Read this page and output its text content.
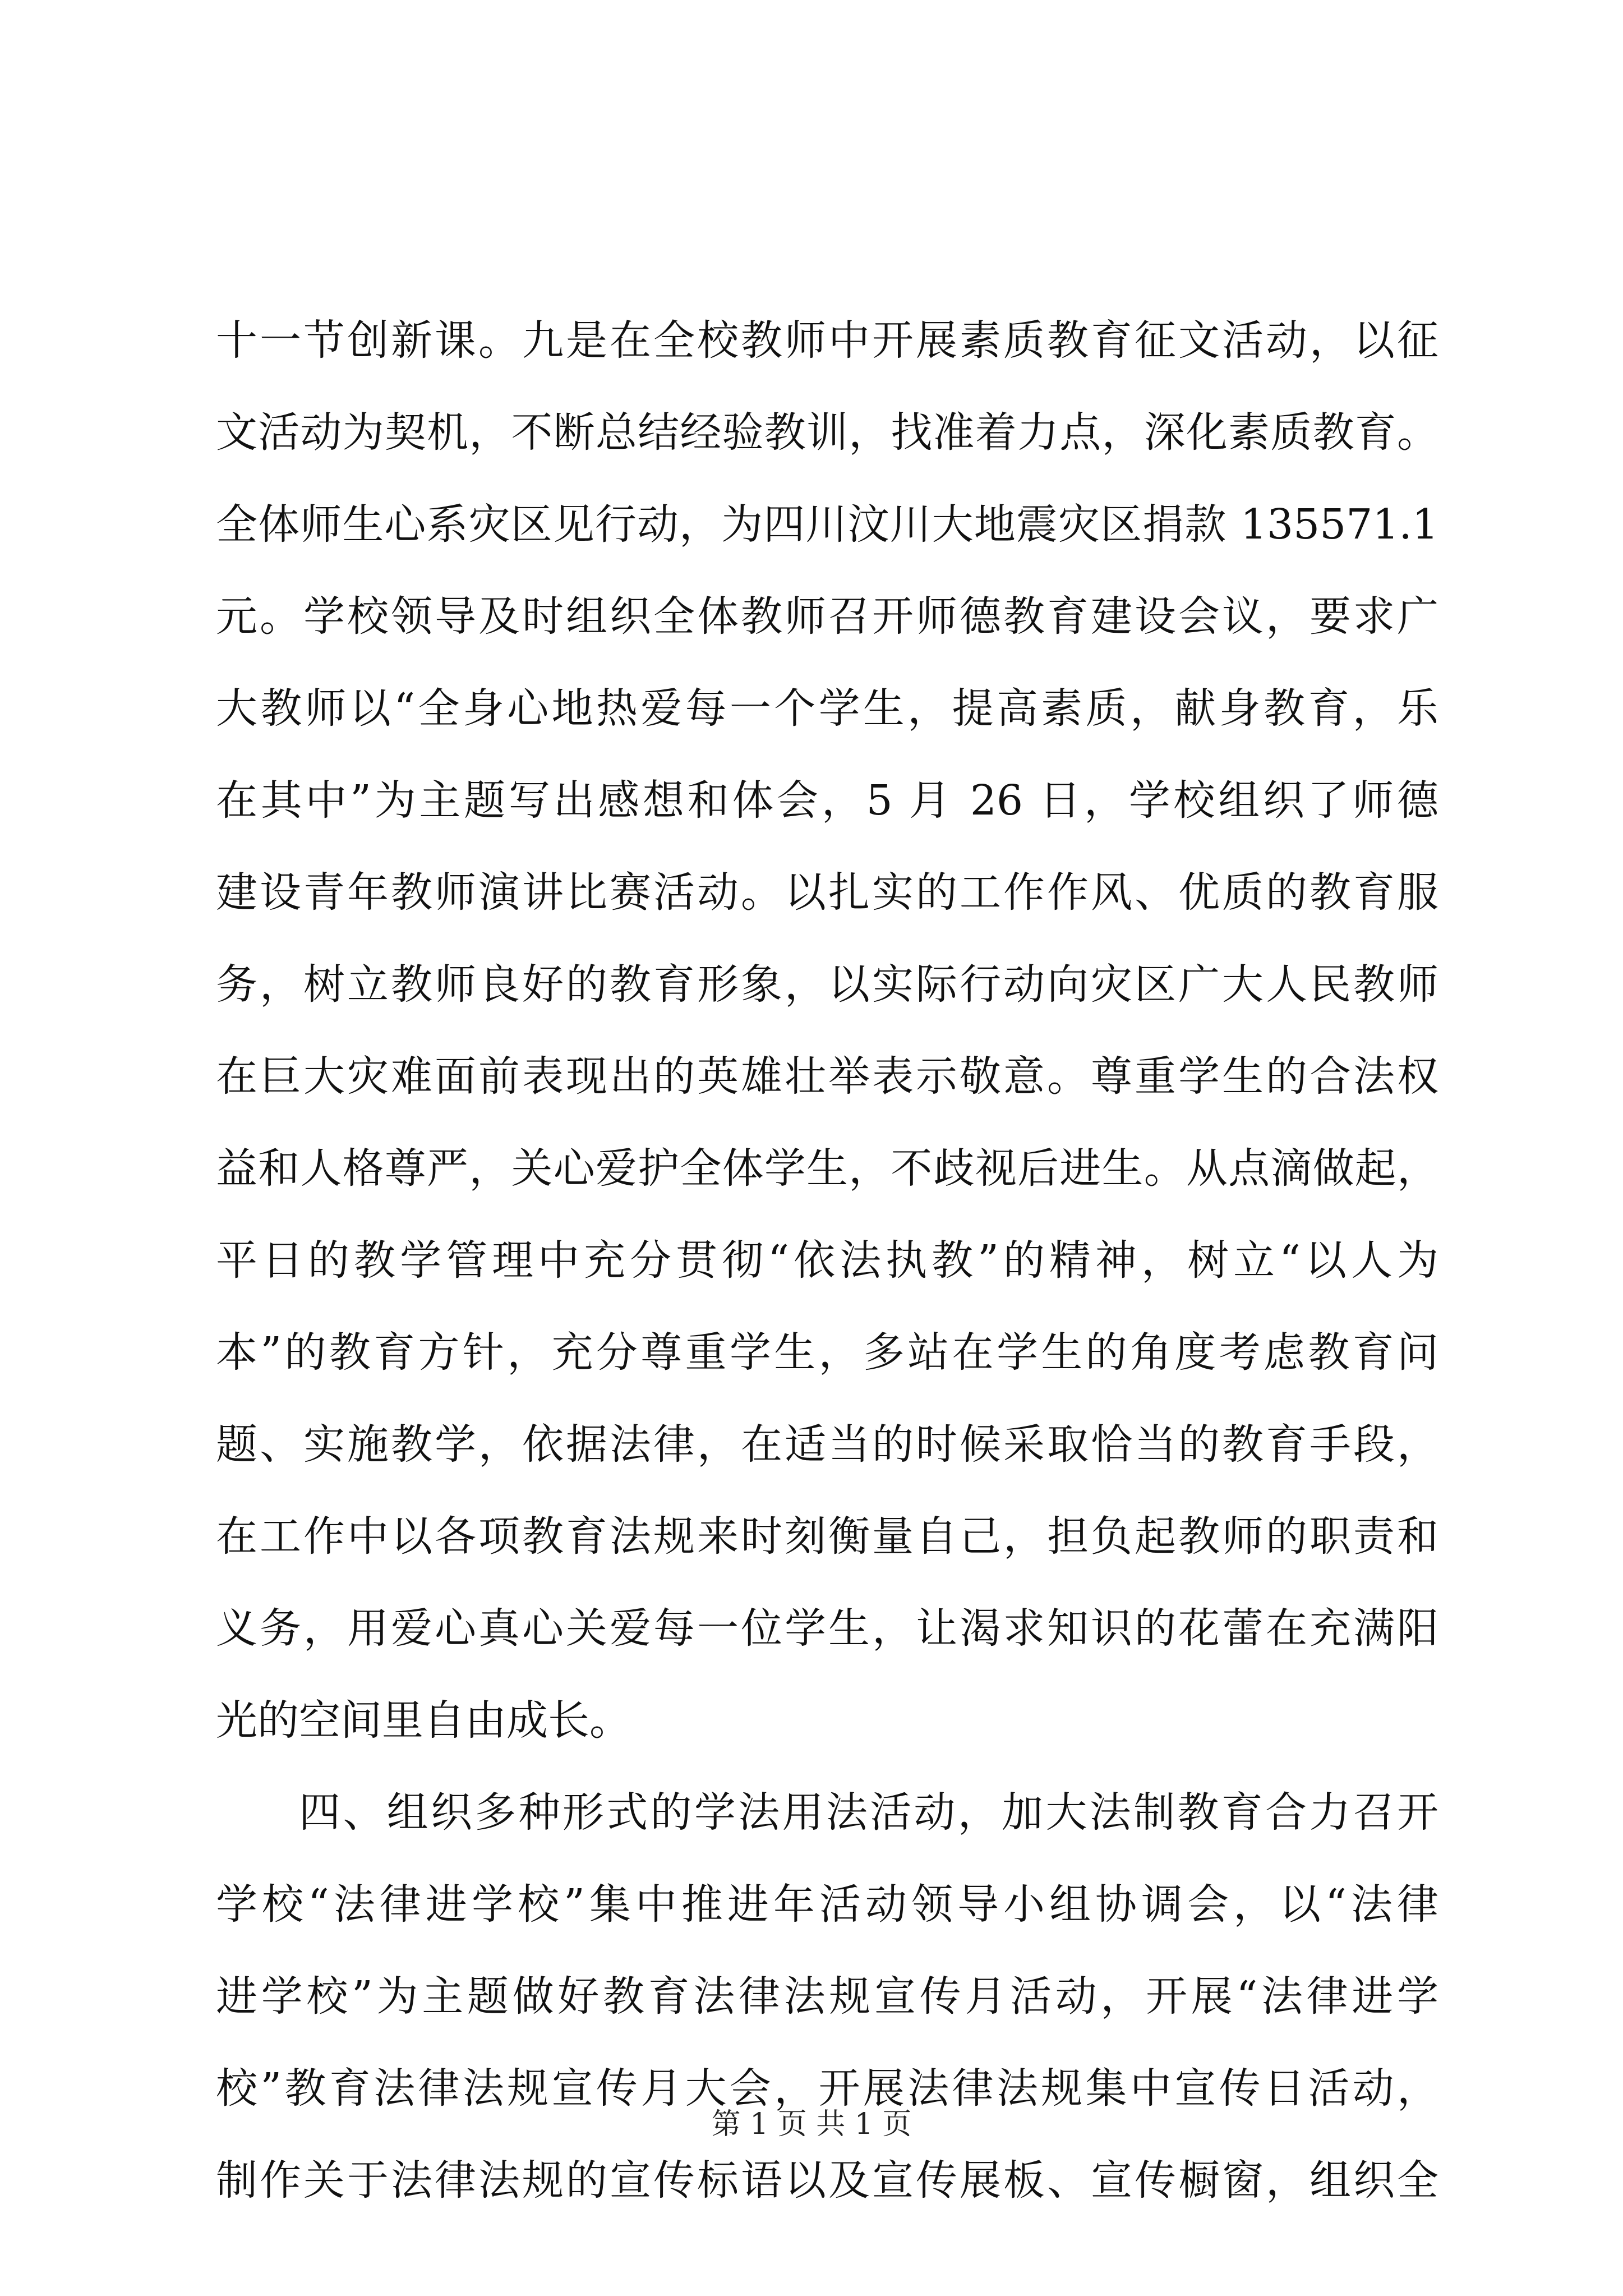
十一节创新课。九是在全校教师中开展素质教育征文活动，以征
文活动为契机，不断总结经验教训，找准着力点，深化素质教育。
全体师生心系灾区见行动，为四川汶川大地震灾区捐款 135571.1
元。学校领导及时组织全体教师召开师德教育建设会议，要求广
大教师以“全身心地热爱每一个学生，提高素质，献身教育，乐
在其中”为主题写出感想和体会，5 月 26 日，学校组织了师德
建设青年教师演讲比赛活动。以扎实的工作作风、优质的教育服
务，树立教师良好的教育形象，以实际行动向灾区广大人民教师
在巨大灾难面前表现出的英雄壮举表示敬意。尊重学生的合法权
益和人格尊严，关心爱护全体学生，不歧视后进生。从点滴做起，
平日的教学管理中充分贯彻“依法执教”的精神，树立“以人为
本”的教育方针，充分尊重学生，多站在学生的角度考虑教育问
题、实施教学，依据法律，在适当的时候采取恰当的教育手段，
在工作中以各项教育法规来时刻衡量自己，担负起教师的职责和
义务，用爱心真心关爱每一位学生，让渴求知识的花蕾在充满阳
光的空间里自由成长。
四、组织多种形式的学法用法活动，加大法制教育合力召开
学校“法律进学校”集中推进年活动领导小组协调会，以“法律
进学校”为主题做好教育法律法规宣传月活动，开展“法律进学
校”教育法律法规宣传月大会，开展法律法规集中宣传日活动，
制作关于法律法规的宣传标语以及宣传展板、宣传橱窗，组织全
第 1 页 共 1 页
